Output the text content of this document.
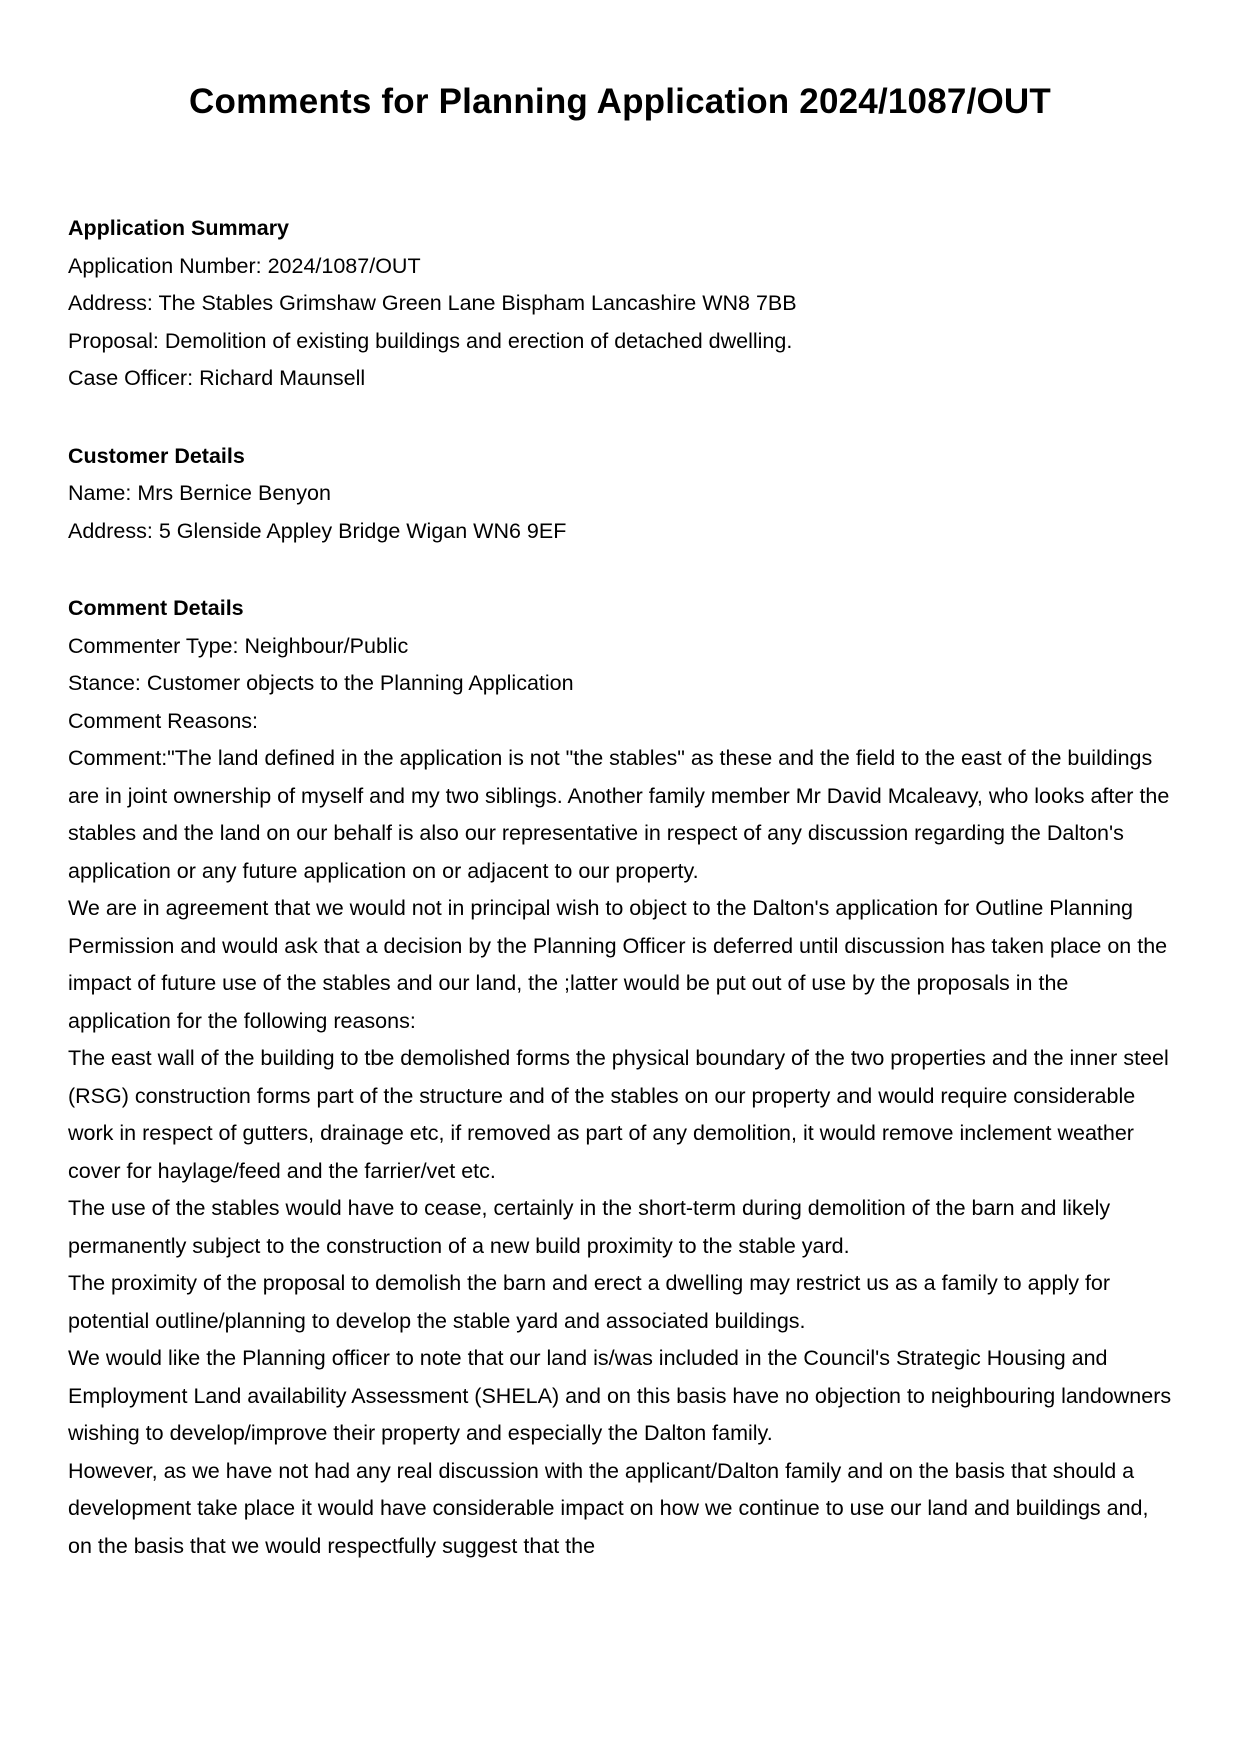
Comments for Planning Application 2024/1087/OUT
Application Summary
Application Number: 2024/1087/OUT
Address: The Stables Grimshaw Green Lane Bispham Lancashire WN8 7BB
Proposal: Demolition of existing buildings and erection of detached dwelling.
Case Officer: Richard Maunsell
Customer Details
Name: Mrs Bernice Benyon
Address: 5 Glenside Appley Bridge Wigan WN6 9EF
Comment Details
Commenter Type: Neighbour/Public
Stance: Customer objects to the Planning Application
Comment Reasons:
Comment:"The land defined in the application is not "the stables" as these and the field to the east of the buildings are in joint ownership of myself and my two siblings. Another family member Mr David Mcaleavy, who looks after the stables and the land on our behalf is also our representative in respect of any discussion regarding the Dalton's application or any future application on or adjacent to our property.
We are in agreement that we would not in principal wish to object to the Dalton's application for Outline Planning Permission and would ask that a decision by the Planning Officer is deferred until discussion has taken place on the impact of future use of the stables and our land, the ;latter would be put out of use by the proposals in the application for the following reasons:
The east wall of the building to tbe demolished forms the physical boundary of the two properties and the inner steel (RSG) construction forms part of the structure and of the stables on our property and would require considerable work in respect of gutters, drainage etc, if removed as part of any demolition, it would remove inclement weather cover for haylage/feed and the farrier/vet etc.
The use of the stables would have to cease, certainly in the short-term during demolition of the barn and likely permanently subject to the construction of a new build proximity to the stable yard.
The proximity of the proposal to demolish the barn and erect a dwelling may restrict us as a family to apply for potential outline/planning to develop the stable yard and associated buildings.
We would like the Planning officer to note that our land is/was included in the Council's Strategic Housing and Employment Land availability Assessment (SHELA) and on this basis have no objection to neighbouring landowners wishing to develop/improve their property and especially the Dalton family.
However, as we have not had any real discussion with the applicant/Dalton family and on the basis that should a development take place it would have considerable impact on how we continue to use our land and buildings and, on the basis that we would respectfully suggest that the
